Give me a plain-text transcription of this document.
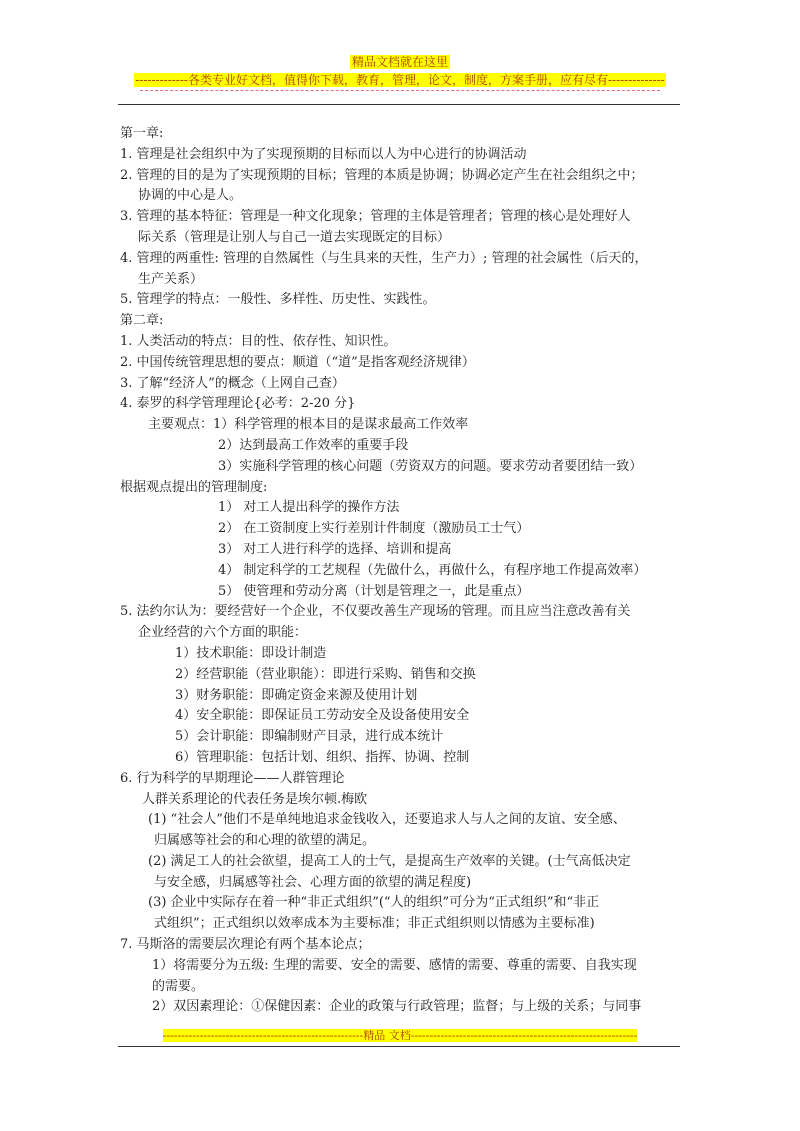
精品文档就在这里
-------------各类专业好文档，值得你下载，教育，管理，论文，制度，方案手册，应有尽有--------------
第一章:
1. 管理是社会组织中为了实现预期的目标而以人为中心进行的协调活动
2. 管理的目的是为了实现预期的目标；管理的本质是协调；协调必定产生在社会组织之中；
协调的中心是人。
3. 管理的基本特征：管理是一种文化现象；管理的主体是管理者；管理的核心是处理好人
际关系（管理是让别人与自己一道去实现既定的目标）
4. 管理的两重性: 管理的自然属性（与生具来的天性，生产力）; 管理的社会属性（后天的，
生产关系）
5. 管理学的特点：一般性、多样性、历史性、实践性。
第二章:
1. 人类活动的特点：目的性、依存性、知识性。
2. 中国传统管理思想的要点：顺道（“道”是指客观经济规律）
3. 了解“经济人”的概念（上网自己查）
4. 泰罗的科学管理理论{必考：2-20 分}
主要观点：1）科学管理的根本目的是谋求最高工作效率
2）达到最高工作效率的重要手段
3）实施科学管理的核心问题（劳资双方的问题。要求劳动者要团结一致）
根据观点提出的管理制度:
1） 对工人提出科学的操作方法
2） 在工资制度上实行差别计件制度（激励员工士气）
3） 对工人进行科学的选择、培训和提高
4） 制定科学的工艺规程（先做什么，再做什么，有程序地工作提高效率）
5） 使管理和劳动分离（计划是管理之一，此是重点）
5. 法约尔认为：要经营好一个企业，不仅要改善生产现场的管理。而且应当注意改善有关
企业经营的六个方面的职能：
1）技术职能：即设计制造
2）经营职能（营业职能）：即进行采购、销售和交换
3）财务职能：即确定资金来源及使用计划
4）安全职能：即保证员工劳动安全及设备使用安全
5）会计职能：即编制财产目录，进行成本统计
6）管理职能：包括计划、组织、指挥、协调、控制
6. 行为科学的早期理论——人群管理论
人群关系理论的代表任务是埃尔顿.梅欧
(1) “社会人”他们不是单纯地追求金钱收入，还要追求人与人之间的友谊、安全感、
归属感等社会的和心理的欲望的满足。
(2) 满足工人的社会欲望，提高工人的士气，是提高生产效率的关键。(士气高低决定
与安全感，归属感等社会、心理方面的欲望的满足程度)
(3) 企业中实际存在着一种“非正式组织”(“人的组织”可分为“正式组织”和“非正
式组织”；正式组织以效率成本为主要标准；非正式组织则以情感为主要标准)
7. 马斯洛的需要层次理论有两个基本论点；
1）将需要分为五级: 生理的需要、安全的需要、感情的需要、尊重的需要、自我实现
的需要。
2）双因素理论：①保健因素：企业的政策与行政管理；监督；与上级的关系；与同事
------------------------------------------------------精品 文档-------------------------------------------------------------
